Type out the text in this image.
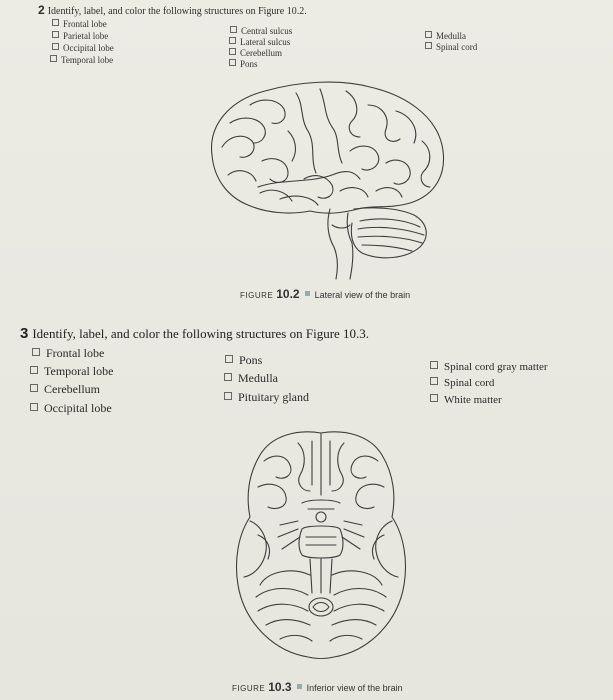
2 Identify, label, and color the following structures on Figure 10.2.
Frontal lobe
Parietal lobe
Occipital lobe
Temporal lobe
Central sulcus
Lateral sulcus
Cerebellum
Pons
Medulla
Spinal cord
FIGURE 10.2 Lateral view of the brain
3 Identify, label, and color the following structures on Figure 10.3.
Frontal lobe
Temporal lobe
Cerebellum
Occipital lobe
Pons
Medulla
Pituitary gland
Spinal cord gray matter
Spinal cord
White matter
FIGURE 10.3 Inferior view of the brain
